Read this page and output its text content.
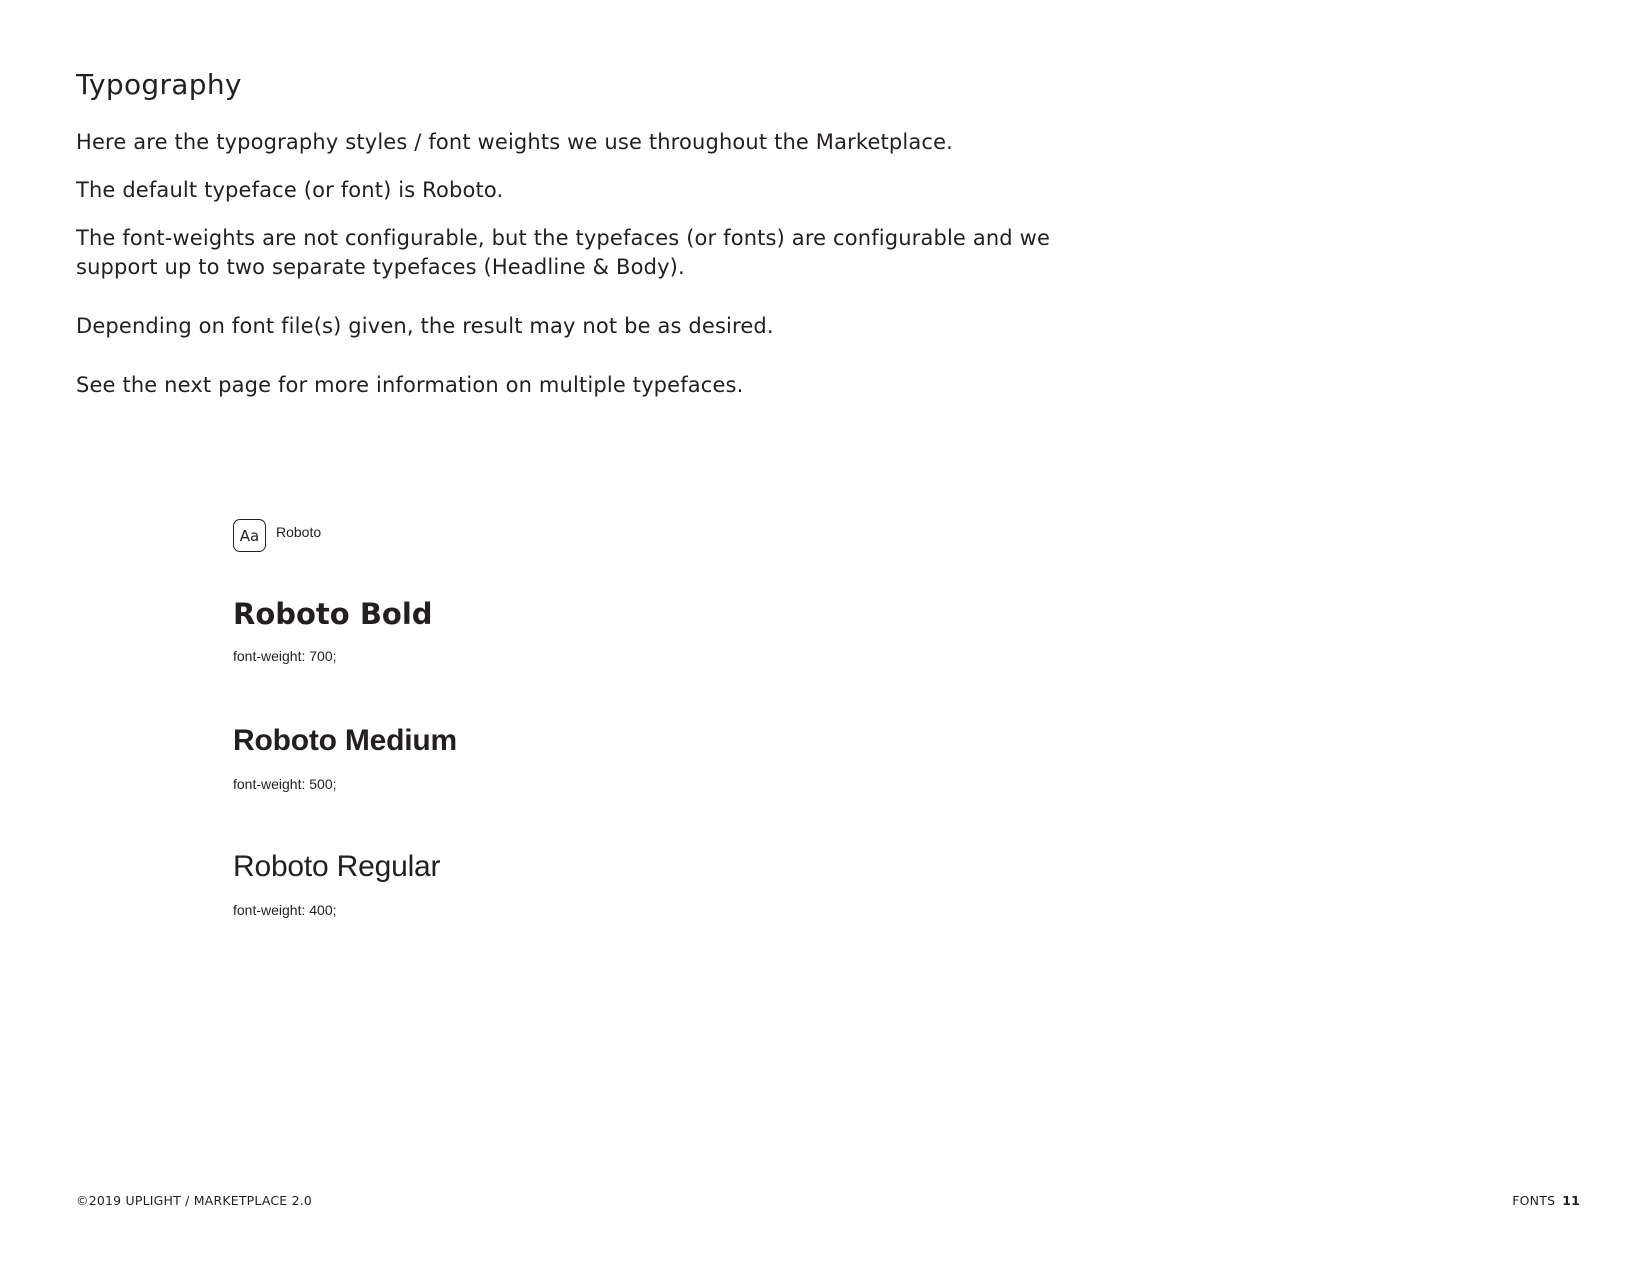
Typography

Here are the typography styles / font weights we use throughout the Marketplace.

The default typeface (or font) is Roboto.

The font-weights are not configurable, but the typefaces (or fonts) are configurable and we support up to two separate typefaces (Headline & Body).

Depending on font file(s) given, the result may not be as desired.

See the next page for more information on multiple typefaces.

Aa	Roboto

Roboto Bold

font-weight: 700;

Roboto Medium

font-weight: 500;

Roboto Regular

font-weight: 400;

©2019 UPLIGHT / MARKETPLACE 2.0	FONTS 11
